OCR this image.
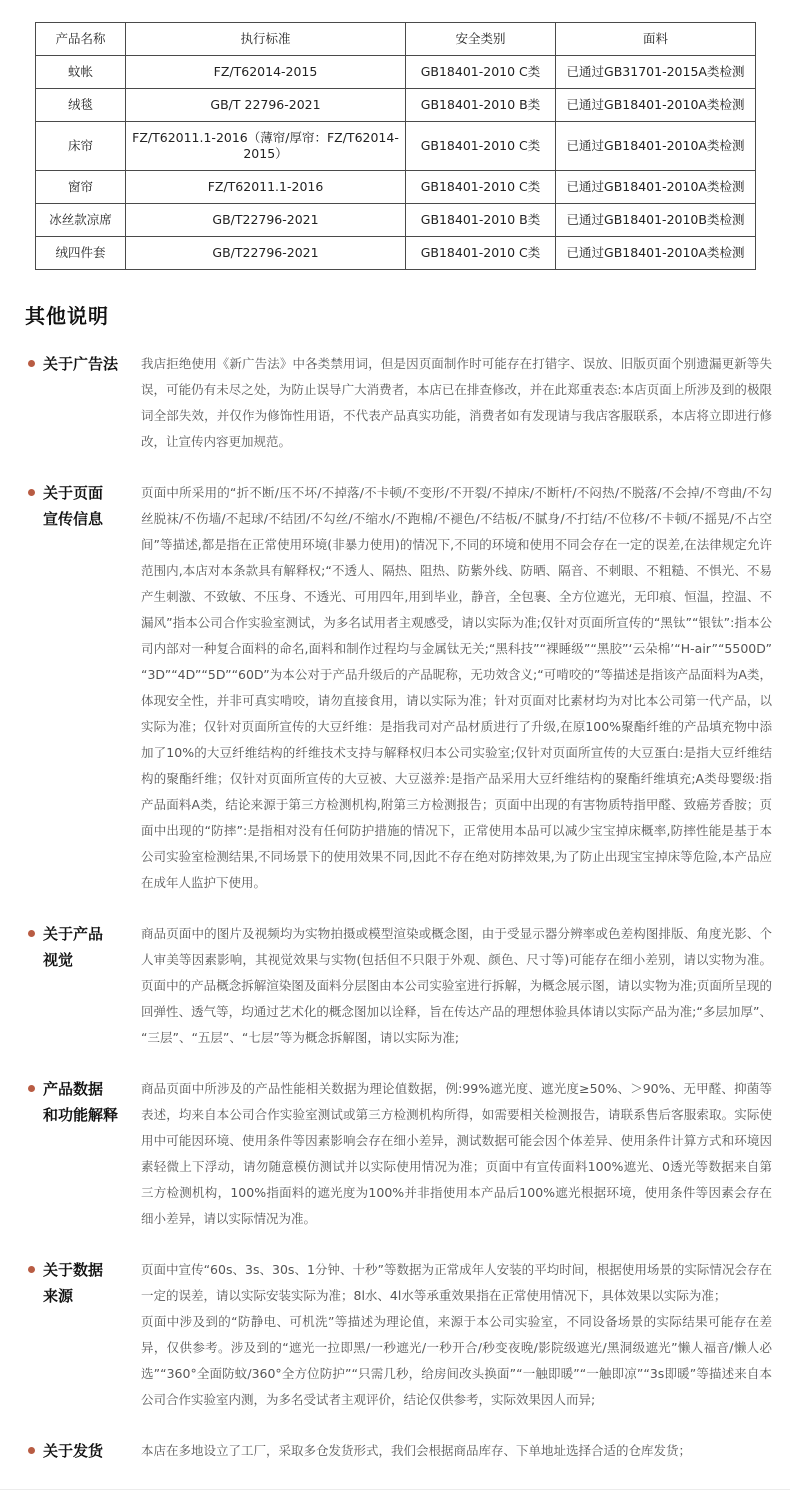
产品名称	执行标准	安全类别	面料
蚊帐	FZ/T62014-2015	GB18401-2010 C类	已通过GB31701-2015A类检测
绒毯	GB/T 22796-2021	GB18401-2010 B类	已通过GB18401-2010A类检测
床帘	FZ/T62011.1-2016（薄帘/厚帘：FZ/T62014-2015）	GB18401-2010 C类	已通过GB18401-2010A类检测
窗帘	FZ/T62011.1-2016	GB18401-2010 C类	已通过GB18401-2010A类检测
冰丝款凉席	GB/T22796-2021	GB18401-2010 B类	已通过GB18401-2010B类检测
绒四件套	GB/T22796-2021	GB18401-2010 C类	已通过GB18401-2010A类检测
其他说明
关于广告法	我店拒绝使用《新广告法》中各类禁用词，但是因页面制作时可能存在打错字、误放、旧版页面个别遗漏更新等失误，可能仍有未尽之处，为防止误导广大消费者，本店已在排查修改，并在此郑重表态:本店页面上所涉及到的极限词全部失效，并仅作为修饰性用语，不代表产品真实功能，消费者如有发现请与我店客服联系，本店将立即进行修改，让宣传内容更加规范。

关于页面
宣传信息

页面中所采用的“折不断/压不坏/不掉落/不卡顿/不变形/不开裂/不掉床/不断杆/不闷热/不脱落/不会掉/不弯曲/不勾丝脱袜/不伤墙/不起球/不结团/不勾丝/不缩水/不跑棉/不褪色/不结板/不腻身/不打结/不位移/不卡顿/不摇晃/不占空间”等描述,都是指在正常使用环境(非暴力使用)的情况下,不同的环境和使用不同会存在一定的误差,在法律规定允许范围内,本店对本条款具有解释权;“不透人、隔热、阻热、防紫外线、防晒、隔音、不刺眼、不粗糙、不惧光、不易产生刺激、不致敏、不压身、不透光、可用四年,用到毕业，静音，全包裹、全方位遮光，无印痕、恒温，控温、不漏风”指本公司合作实验室测试，为多名试用者主观感受，请以实际为准;仅针对页面所宣传的“黑钛”“银钛”:指本公司内部对一种复合面料的命名,面料和制作过程均与金属钛无关;“黑科技”“裸睡级”“黑胶”‘云朵棉’“H-air”“5500D”“3D”“4D”“5D”“60D”为本公对于产品升级后的产品昵称，无功效含义;“可啃咬的”等描述是指该产品面料为A类，体现安全性，并非可真实啃咬，请勿直接食用，请以实际为准；针对页面对比素材均为对比本公司第一代产品，以实际为准；仅针对页面所宣传的大豆纤维：是指我司对产品材质进行了升级,在原100%聚酯纤维的产品填充物中添加了10%的大豆纤维结构的纤维技术支持与解释权归本公司实验室;仅针对页面所宣传的大豆蛋白:是指大豆纤维结构的聚酯纤维；仅针对页面所宣传的大豆被、大豆滋养:是指产品采用大豆纤维结构的聚酯纤维填充;A类母婴级:指产品面料A类，结论来源于第三方检测机构,附第三方检测报告；页面中出现的有害物质特指甲醛、致癌芳香胺；页面中出现的“防摔”:是指相对没有任何防护措施的情况下，正常使用本品可以减少宝宝掉床概率,防摔性能是基于本公司实验室检测结果,不同场景下的使用效果不同,因此不存在绝对防摔效果,为了防止出现宝宝掉床等危险,本产品应在成年人监护下使用。

关于产品
视觉

商品页面中的图片及视频均为实物拍摄或模型渲染或概念图，由于受显示器分辨率或色差构图排版、角度光影、个人审美等因素影响，其视觉效果与实物(包括但不只限于外观、颜色、尺寸等)可能存在细小差别，请以实物为准。页面中的产品概念拆解渲染图及面料分层图由本公司实验室进行拆解，为概念展示图，请以实物为准;页面所呈现的回弹性、透气等，均通过艺术化的概念图加以诠释，旨在传达产品的理想体验具体请以实际产品为准;“多层加厚”、“三层”、“五层”、“七层”等为概念拆解图，请以实际为准;

产品数据
和功能解释

商品页面中所涉及的产品性能相关数据为理论值数据，例:99%遮光度、遮光度≥50%、＞90%、无甲醛、抑菌等表述，均来自本公司合作实验室测试或第三方检测机构所得，如需要相关检测报告，请联系售后客服索取。实际使用中可能因环境、使用条件等因素影响会存在细小差异，测试数据可能会因个体差异、使用条件计算方式和环境因素轻微上下浮动，请勿随意模仿测试并以实际使用情况为准；页面中有宣传面料100%遮光、0透光等数据来自第三方检测机构，100%指面料的遮光度为100%并非指使用本产品后100%遮光根据环境，使用条件等因素会存在细小差异，请以实际情况为准。

关于数据
来源

页面中宣传“60s、3s、30s、1分钟、十秒”等数据为正常成年人安装的平均时间，根据使用场景的实际情况会存在一定的误差，请以实际安装实际为准；8l水、4l水等承重效果指在正常使用情况下，具体效果以实际为准；

页面中涉及到的“防静电、可机洗”等描述为理论值，来源于本公司实验室，不同设备场景的实际结果可能存在差异，仅供参考。涉及到的“遮光一拉即黑/一秒遮光/一秒开合/秒变夜晚/影院级遮光/黑洞级遮光”懒人福音/懒人必选”“360°全面防蚊/360°全方位防护”“只需几秒，给房间改头换面”“一触即暖”“一触即凉”“3s即暖”等描述来自本公司合作实验室内测，为多名受试者主观评价，结论仅供参考，实际效果因人而异;

关于发货	本店在多地设立了工厂，采取多仓发货形式，我们会根据商品库存、下单地址选择合适的仓库发货；
